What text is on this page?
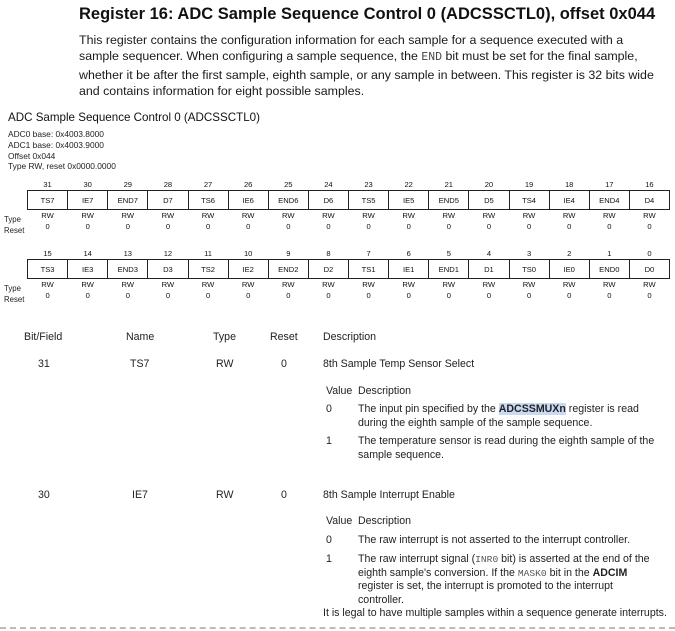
Register 16: ADC Sample Sequence Control 0 (ADCSSCTL0), offset 0x044
This register contains the configuration information for each sample for a sequence executed with a sample sequencer. When configuring a sample sequence, the END bit must be set for the final sample, whether it be after the first sample, eighth sample, or any sample in between. This register is 32 bits wide and contains information for eight possible samples.
ADC Sample Sequence Control 0 (ADCSSCTL0)
ADC0 base: 0x4003.8000
ADC1 base: 0x4003.9000
Offset 0x044
Type RW, reset 0x0000.0000
31	30	29	28	27	26	25	24	23	22	21	20	19	18	17	16
TS7	IE7	END7	D7	TS6	IE6	END6	D6	TS5	IE5	END5	D5	TS4	IE4	END4	D4
RW	RW	RW	RW	RW	RW	RW	RW	RW	RW	RW	RW	RW	RW	RW	RW
0	0	0	0	0	0	0	0	0	0	0	0	0	0	0	0
Type
Reset
15	14	13	12	11	10	9	8	7	6	5	4	3	2	1	0
TS3	IE3	END3	D3	TS2	IE2	END2	D2	TS1	IE1	END1	D1	TS0	IE0	END0	D0
RW	RW	RW	RW	RW	RW	RW	RW	RW	RW	RW	RW	RW	RW	RW	RW
0	0	0	0	0	0	0	0	0	0	0	0	0	0	0	0
Type
Reset
Bit/Field	Name	Type	Reset Description
31	TS7	RW	0	8th Sample Temp Sensor Select
Value Description
0 The input pin specified by the ADCSSMUXn register is read during the eighth sample of the sample sequence.
1 The temperature sensor is read during the eighth sample of the sample sequence.
30	IE7	RW	0	8th Sample Interrupt Enable
Value Description
0 The raw interrupt is not asserted to the interrupt controller.
1 The raw interrupt signal (INR0 bit) is asserted at the end of the eighth sample's conversion. If the MASK0 bit in the ADCIM register is set, the interrupt is promoted to the interrupt controller.
It is legal to have multiple samples within a sequence generate interrupts.
